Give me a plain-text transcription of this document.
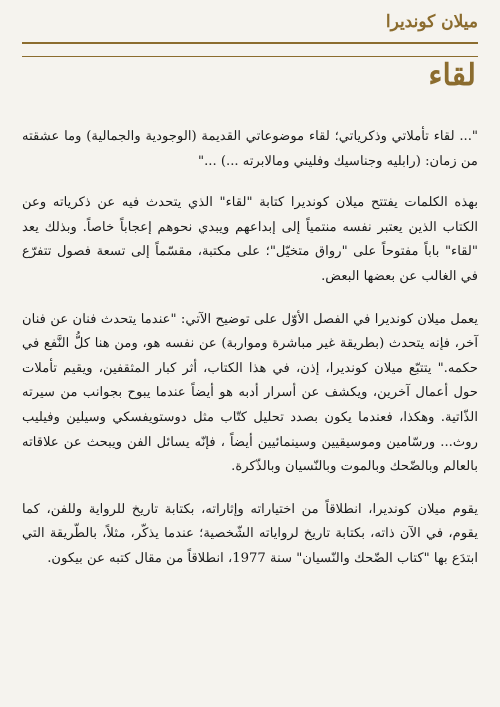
ميلان كونديرا
لقاء

"... لقاء تأملاتي وذكرياتي؛ لقاء موضوعاتي القديمة (الوجودية والجمالية) وما عشقته من زمان: (رابليه وجناسيك وفليني ومالابرته ...) ..."

بهذه الكلمات يفتتح ميلان كونديرا كتابة "لقاء" الذي يتحدث فيه عن ذكرياته وعن الكتاب الذين يعتبر نفسه منتمياً إلى إبداعهم ويبدي نحوهم إعجاباً خاصاً. وبذلك يعد "لقاء" باباً مفتوحاً على "رواق متخيّل"؛ على مكتبة، مقسّماً إلى تسعة فصول تتفرّع في الغالب عن بعضها البعض.

يعمل ميلان كونديرا في الفصل الأوّل على توضيح الآتي: "عندما يتحدث فنان عن فنان آخر، فإنه يتحدث (بطريقة غير مباشرة ومواربة) عن نفسه هو، ومن هنا كلُّ النَّفع في حكمه." يتتبّع ميلان كونديرا، إذن، في هذا الكتاب، أثر كبار المثقفين، ويقيم تأملات حول أعمال آخرين، ويكشف عن أسرار أدبه هو أيضاً عندما يبوح بجوانب من سيرته الذّاتية. وهكذا، فعندما يكون بصدد تحليل كتّاب مثل دوستويفسكي وسيلين وفيليب روث... ورسّامين وموسيقيين وسينمائيين أيضاً ، فإنّه يسائل الفن ويبحث عن علاقاته بالعالم وبالضّحك وبالموت وبالنّسيان وبالذّكرة.

يقوم ميلان كونديرا، انطلاقاً من اختياراته وإثاراته، بكتابة تاريخ للرواية وللفن، كما يقوم، في الآن ذاته، بكتابة تاريخ لرواياته الشّخصية؛ عندما يذكّر، مثلاً، بالطّريقة التي ابتدَع بها "كتاب الضّحك والنّسيان" سنة 1977، انطلاقاً من مقال كتبه عن بيكون.
